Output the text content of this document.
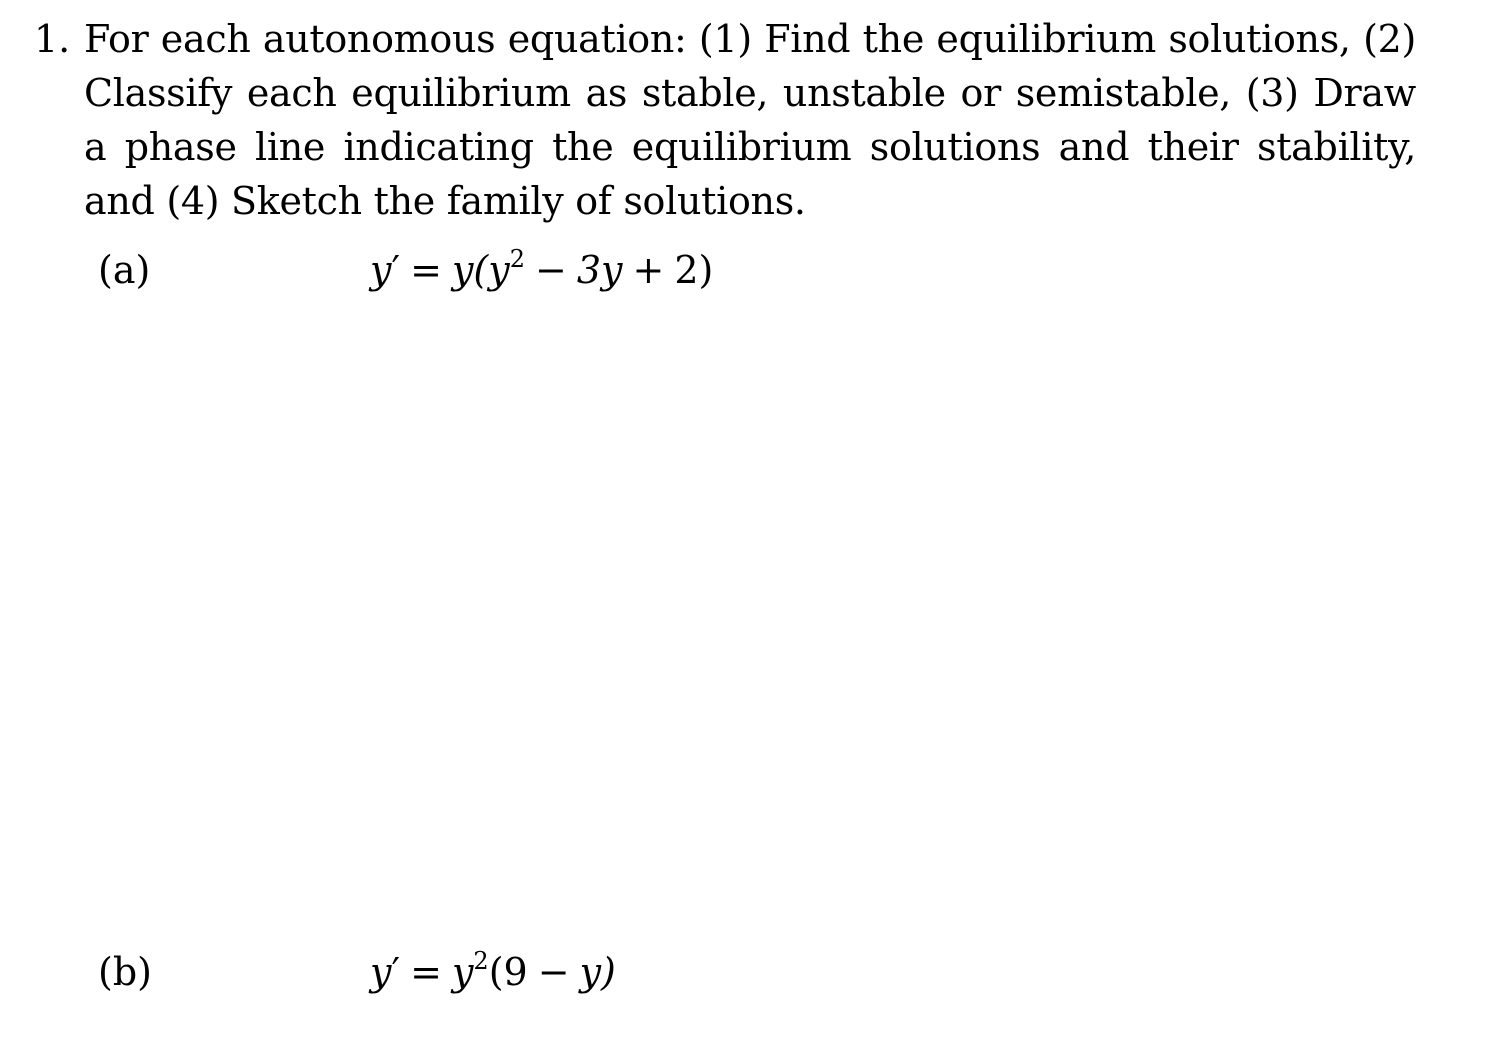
1. For each autonomous equation: (1) Find the equilibrium solutions, (2) Classify each equilibrium as stable, unstable or semistable, (3) Draw a phase line indicating the equilibrium solutions and their stability, and (4) Sketch the family of solutions.
(a)	$y' = y(y^2 - 3y + 2)$
(b)	$y' = y^2(9 - y)$
